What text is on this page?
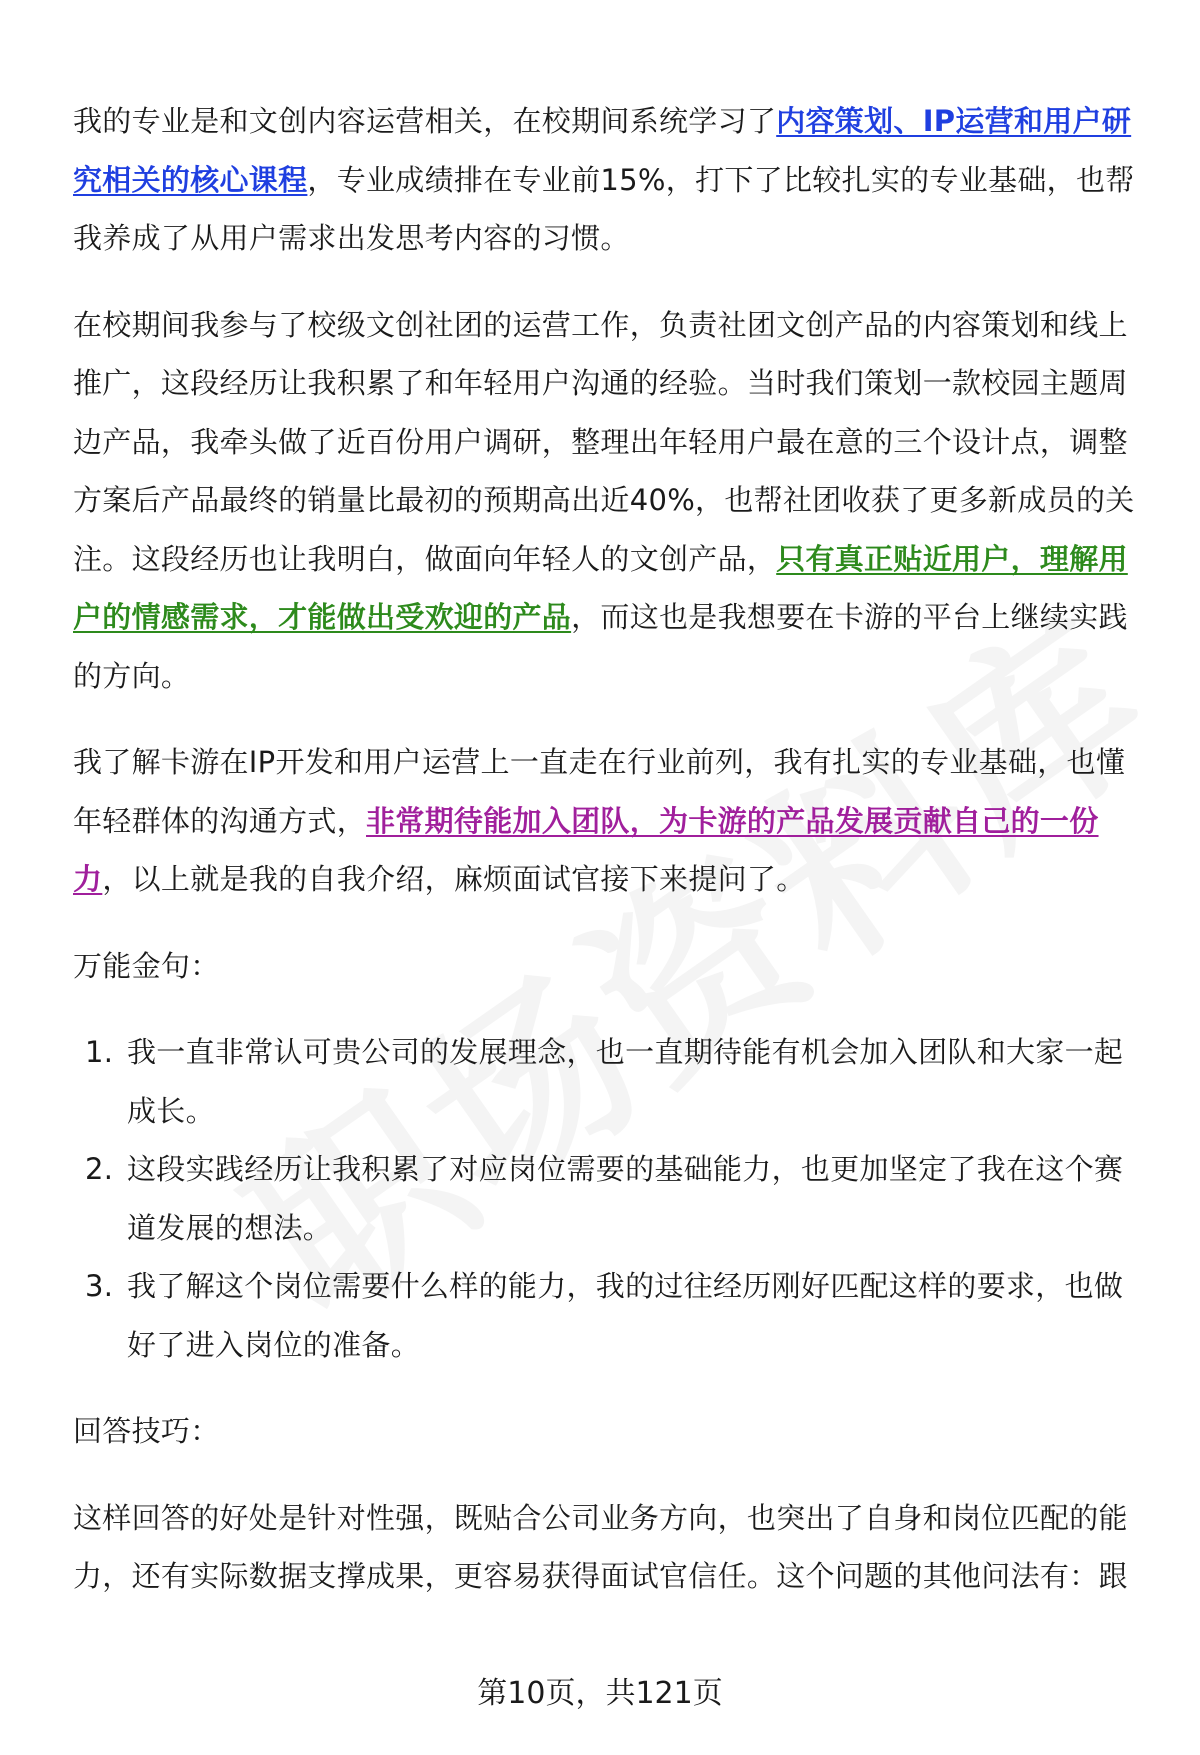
我的专业是和文创内容运营相关，在校期间系统学习了内容策划、IP运营和用户研究相关的核心课程，专业成绩排在专业前15%，打下了比较扎实的专业基础，也帮我养成了从用户需求出发思考内容的习惯。

在校期间我参与了校级文创社团的运营工作，负责社团文创产品的内容策划和线上推广，这段经历让我积累了和年轻用户沟通的经验。当时我们策划一款校园主题周边产品，我牵头做了近百份用户调研，整理出年轻用户最在意的三个设计点，调整方案后产品最终的销量比最初的预期高出近40%，也帮社团收获了更多新成员的关注。这段经历也让我明白，做面向年轻人的文创产品，只有真正贴近用户，理解用户的情感需求，才能做出受欢迎的产品，而这也是我想要在卡游的平台上继续实践的方向。

我了解卡游在IP开发和用户运营上一直走在行业前列，我有扎实的专业基础，也懂年轻群体的沟通方式，非常期待能加入团队，为卡游的产品发展贡献自己的一份力，以上就是我的自我介绍，麻烦面试官接下来提问了。

万能金句：

1. 我一直非常认可贵公司的发展理念，也一直期待能有机会加入团队和大家一起成长。
2. 这段实践经历让我积累了对应岗位需要的基础能力，也更加坚定了我在这个赛道发展的想法。
3. 我了解这个岗位需要什么样的能力，我的过往经历刚好匹配这样的要求，也做好了进入岗位的准备。

回答技巧：

这样回答的好处是针对性强，既贴合公司业务方向，也突出了自身和岗位匹配的能力，还有实际数据支撑成果，更容易获得面试官信任。这个问题的其他问法有：跟

第10页，共121页
